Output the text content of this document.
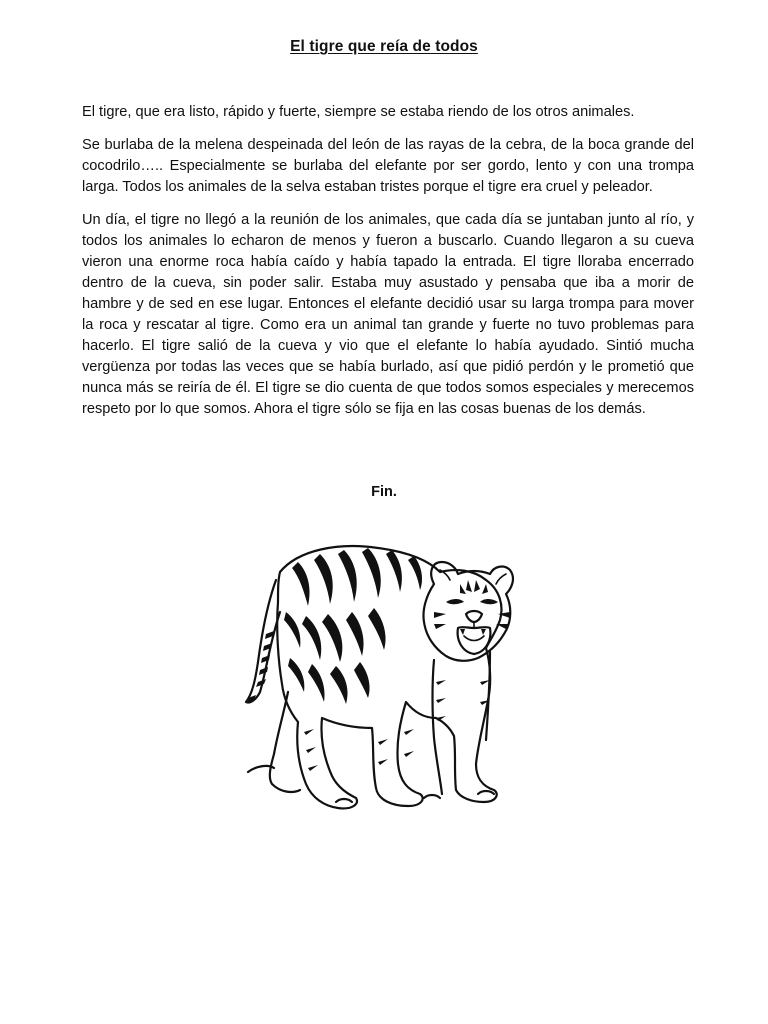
El tigre que reía de todos

El tigre, que era listo, rápido y fuerte, siempre se estaba riendo de los otros animales.

Se burlaba de la melena despeinada del león de las rayas de la cebra, de la boca grande del cocodrilo….. Especialmente se burlaba del elefante por ser gordo, lento y con una trompa larga. Todos los animales de la selva estaban tristes porque el tigre era cruel y peleador.

Un día, el tigre no llegó a la reunión de los animales, que cada día se juntaban junto al río, y todos los animales lo echaron de menos y fueron a buscarlo. Cuando llegaron a su cueva vieron una enorme roca había caído y había tapado la entrada. El tigre lloraba encerrado dentro de la cueva, sin poder salir. Estaba muy asustado y pensaba que iba a morir de hambre y de sed en ese lugar. Entonces el elefante decidió usar su larga trompa para mover la roca y rescatar al tigre. Como era un animal tan grande y fuerte no tuvo problemas para hacerlo. El tigre salió de la cueva y vio que el elefante lo había ayudado. Sintió mucha vergüenza por todas las veces que se había burlado, así que pidió perdón y le prometió que nunca más se reiría de él. El tigre se dio cuenta de que todos somos especiales y merecemos respeto por lo que somos. Ahora el tigre sólo se fija en las cosas buenas de los demás.

Fin.
